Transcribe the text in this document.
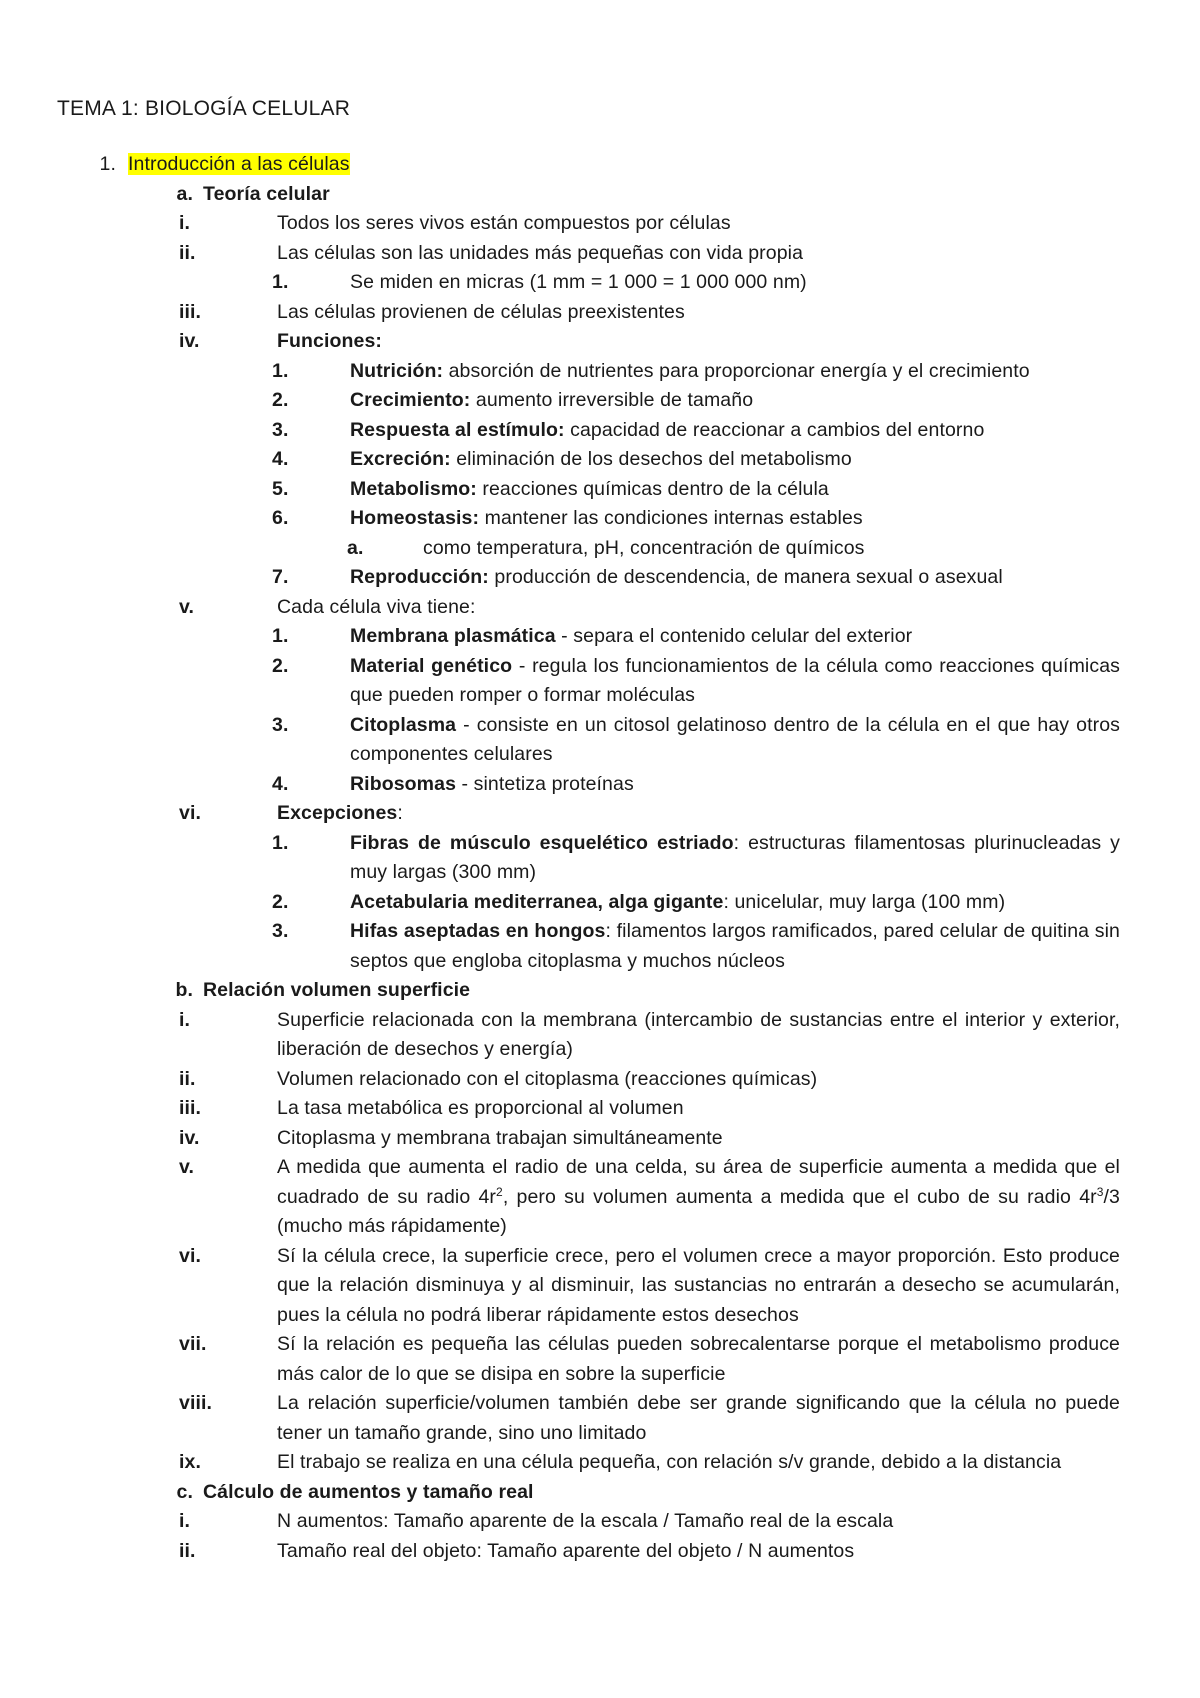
TEMA 1: BIOLOGÍA CELULAR
1. Introducción a las células
a. Teoría celular
i.	Todos los seres vivos están compuestos por células
ii.	Las células son las unidades más pequeñas con vida propia
1.	Se miden en micras (1 mm = 1 000 = 1 000 000 nm)
iii.	Las células provienen de células preexistentes
iv.	Funciones:
1.	Nutrición: absorción de nutrientes para proporcionar energía y el crecimiento
2.	Crecimiento: aumento irreversible de tamaño
3.	Respuesta al estímulo: capacidad de reaccionar a cambios del entorno
4.	Excreción: eliminación de los desechos del metabolismo
5.	Metabolismo: reacciones químicas dentro de la célula
6.	Homeostasis: mantener las condiciones internas estables
a.	como temperatura, pH, concentración de químicos
7.	Reproducción: producción de descendencia, de manera sexual o asexual
v.	Cada célula viva tiene:
1.	Membrana plasmática - separa el contenido celular del exterior
2.	Material genético - regula los funcionamientos de la célula como reacciones químicas que pueden romper o formar moléculas
3.	Citoplasma - consiste en un citosol gelatinoso dentro de la célula en el que hay otros componentes celulares
4.	Ribosomas - sintetiza proteínas
vi.	Excepciones:
1.	Fibras de músculo esquelético estriado: estructuras filamentosas plurinucleadas y muy largas (300 mm)
2.	Acetabularia mediterranea, alga gigante: unicelular, muy larga (100 mm)
3.	Hifas aseptadas en hongos: filamentos largos ramificados, pared celular de quitina sin septos que engloba citoplasma y muchos núcleos
b. Relación volumen superficie
i.	Superficie relacionada con la membrana (intercambio de sustancias entre el interior y exterior, liberación de desechos y energía)
ii.	Volumen relacionado con el citoplasma (reacciones químicas)
iii.	La tasa metabólica es proporcional al volumen
iv.	Citoplasma y membrana trabajan simultáneamente
v.	A medida que aumenta el radio de una celda, su área de superficie aumenta a medida que el cuadrado de su radio $4r^2$, pero su volumen aumenta a medida que el cubo de su radio $4r^3/3$ (mucho más rápidamente)
vi.	Sí la célula crece, la superficie crece, pero el volumen crece a mayor proporción. Esto produce que la relación disminuya y al disminuir, las sustancias no entrarán a desecho se acumularán, pues la célula no podrá liberar rápidamente estos desechos
vii.	Sí la relación es pequeña las células pueden sobrecalentarse porque el metabolismo produce más calor de lo que se disipa en sobre la superficie
viii.	La relación superficie/volumen también debe ser grande significando que la célula no puede tener un tamaño grande, sino uno limitado
ix.	El trabajo se realiza en una célula pequeña, con relación s/v grande, debido a la distancia
c. Cálculo de aumentos y tamaño real
i.	N aumentos: Tamaño aparente de la escala / Tamaño real de la escala
ii.	Tamaño real del objeto: Tamaño aparente del objeto / N aumentos
